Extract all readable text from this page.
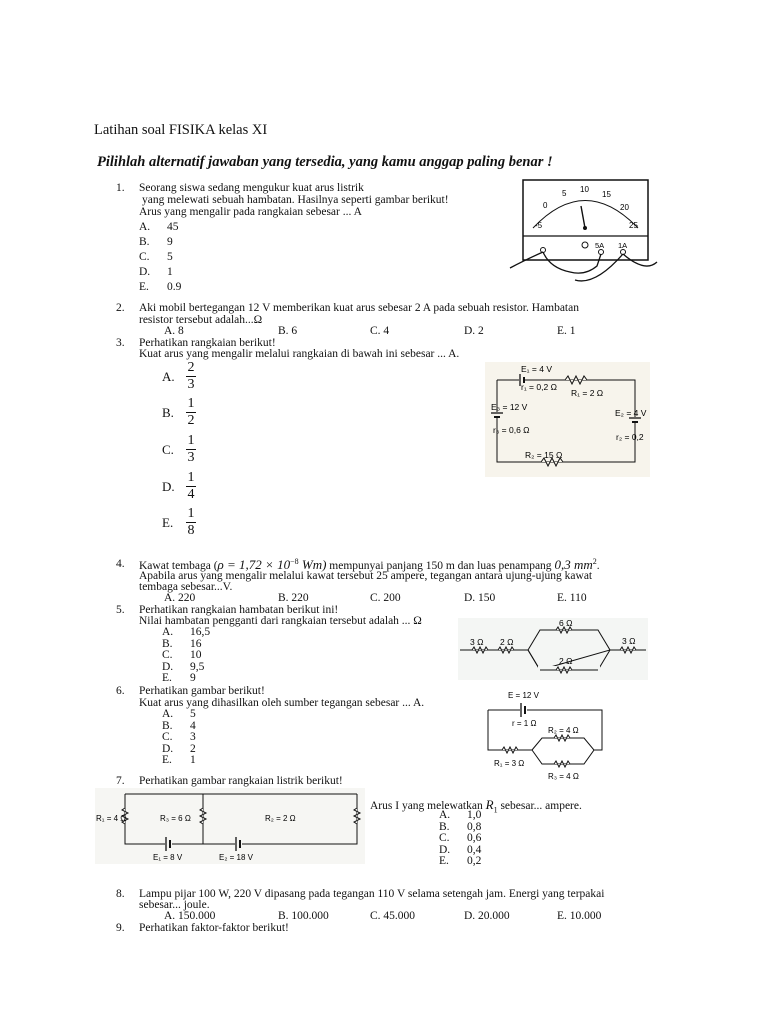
Latihan soal FISIKA kelas XI
Pilihlah alternatif jawaban yang tersedia, yang kamu anggap paling benar !
1. Seorang siswa sedang mengukur kuat arus listrik
yang melewati sebuah hambatan. Hasilnya seperti gambar berikut!
Arus yang mengalir pada rangkaian sebesar ... A
A.	45
B.	9
C.	5
D.	1
E.	0.9
-5
0
5 10
15
20
25
5A 1A
2. Aki mobil bertegangan 12 V memberikan kuat arus sebesar 2 A pada sebuah resistor. Hambatan
resistor tersebut adalah...Ω
A. 8	B. 6	C. 4	D. 2	E. 1
3. Perhatikan rangkaian berikut!
Kuat arus yang mengalir melalui rangkaian di bawah ini sebesar ... A.
A. $\frac{2}{3}$
B. $\frac{1}{2}$
C. $\frac{1}{3}$
D. $\frac{1}{4}$
E. $\frac{1}{8}$
E₁ = 4 V
r₁ = 0,2 Ω
R₁ = 2 Ω
E₃ = 12 V
r₃ = 0,6 Ω
E₂ = 4 V
r₂ = 0,2
R₂ = 15 Ω
4. Kawat tembaga ($\rho = 1,72 \times 10^{-8}$ Wm) mempunyai panjang 150 m dan luas penampang 0,3 $mm^2$.
Apabila arus yang mengalir melalui kawat tersebut 25 ampere, tegangan antara ujung-ujung kawat
tembaga sebesar...V.
A. 220	B. 220	C. 200	D. 150	E. 110
5. Perhatikan rangkaian hambatan berikut ini!
Nilai hambatan pengganti dari rangkaian tersebut adalah ... Ω
A.	16,5
B.	16
C.	10
D.	9,5
E.	9
3 Ω 2 Ω
6 Ω
2 Ω
3 Ω
6. Perhatikan gambar berikut!
Kuat arus yang dihasilkan oleh sumber tegangan sebesar ... A.
A.	5
B.	4
C.	3
D.	2
E.	1
E = 12 V
r = 1 Ω
R₂ = 4 Ω
R₁ = 3 Ω
R₃ = 4 Ω
7. Perhatikan gambar rangkaian listrik berikut!
Arus I yang melewatkan $R_1$ sebesar... ampere.
A.	1,0
B.	0,8
C.	0,6
D.	0,4
E.	0,2
R₁ = 4 Ω	R₃ = 6 Ω	R₂ = 2 Ω
E₁ = 8 V	E₂ = 18 V
8. Lampu pijar 100 W, 220 V dipasang pada tegangan 110 V selama setengah jam. Energi yang terpakai
sebesar... joule.
A. 150.000	B. 100.000	C. 45.000	D. 20.000	E. 10.000
9. Perhatikan faktor-faktor berikut!
